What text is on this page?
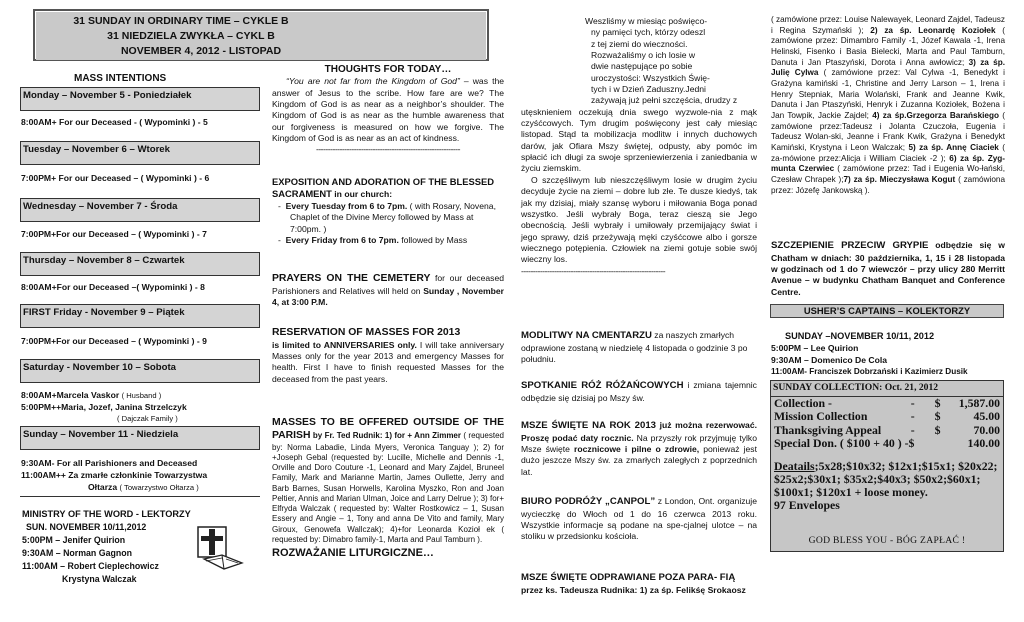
31 SUNDAY IN ORDINARY TIME – CYKLE B
31 NIEDZIELA ZWYKŁA – CYKL B
NOVEMBER 4, 2012 - LISTOPAD
MASS INTENTIONS
Monday – November 5 - Poniedziałek
8:00AM+ For our Deceased - ( Wypominki ) - 5
Tuesday – November 6 – Wtorek
7:00PM+ For our Deceased – ( Wypominki ) - 6
Wednesday – November 7 - Środa
7:00PM+For our Deceased – ( Wypominki ) - 7
Thursday – November 8 – Czwartek
8:00AM+For our Deceased –( Wypominki ) - 8
FIRST Friday - November 9 – Piątek
7:00PM+For our Deceased – ( Wypominki ) - 9
Saturday - November 10 – Sobota
8:00AM+Marcela Vaskor ( Husband )
5:00PM++Maria, Jozef, Janina Strzelczyk
( Dajczak Family )
Sunday – November 11 - Niedziela
9:30AM- For all Parishioners and Deceased
11:00AM++ Za zmarłe członkinie Towarzystwa
Ołtarza ( Towarzystwo Ołtarza )
MINISTRY OF THE WORD - LEKTORZY
SUN. NOVEMBER 10/11,2012
5:00PM – Jenifer Quirion
9:30AM – Norman Gagnon
11:00AM – Robert Cieplechowicz
Krystyna Walczak
THOUGHTS FOR TODAY…

“You are not far from the Kingdom of God” – was the answer of Jesus to the scribe. How fare are we? The Kingdom of God is as near as a neighbor’s shoulder. The Kingdom of God is as near as the humble awareness that our forgiveness is measured on how we forgive. The Kingdom of God is as near as an act of kindness.

-------------------------------------------------------------

EXPOSITION AND ADORATION OF THE BLESSED SACRAMENT in our church:

-  Every Tuesday from 6 to 7pm. ( with Rosary, Novena, Chaplet of the Divine Mercy followed by Mass at 7:00pm. )

-  Every Friday from 6 to 7pm. followed by Mass

PRAYERS ON THE CEMETERY for our deceased Parishioners and Relatives will held on Sunday , November 4, at 3:00 P.M.

RESERVATION OF MASSES FOR 2013

is limited to ANNIVERSARIES only. I will take anniversary Masses only for the year 2013 and emergency Masses for health. First I have to finish requested Masses for the deceased from the past years.

MASSES TO BE OFFERED OUTSIDE OF THE PARISH by Fr. Ted Rudnik: 1) for + Ann Zimmer ( requested by: Norma Labadie, Linda Myers, Veronica Tanguay ); 2) for +Joseph Gebal (requested by: Lucille, Michelle and Dennis -1, Orville and Doro Couture -1, Leonard and Mary Zajdel, Bruneel Family, Mark and Marianne Martin, James Oullette, Jerry and Barb Barnes, Susan Horwells, Karolina Myszko, Ron and Joan Peltier, Annis and Marian Ulman, Joice and Larry Delrue ); 3) for+ Elfryda Walczak ( requested by: Walter Rostkowicz – 1, Susan Essery and Angie – 1, Tony and anna De Vito and family, Mary Giroux, Genowefa Wallczak); 4)+for Leonarda Kozioł ek ( requested by: Dimabro family-1, Marta and Paul Tamburn ).

ROZWAŻANIE LITURGICZNE…
Weszliśmy w miesiąc poświęco-
ny pamięci tych, którzy odeszl
z tej ziemi do wieczności.
Rozważaliśmy o ich losie w
dwie następujące po sobie
uroczystości: Wszystkich Świę-
tych i w Dzień Zaduszny.Jedni
zażywają już pełni szczęścia, drudzy z

utęsknieniem oczekują dnia swego wyzwole-nia z mąk czyśćcowych. Tym drugim poświęcony jest cały miesiąc listopad. Stąd ta mobilizacja modlitw i innych duchowych darów, jak Ofiara Mszy świętej, odpusty, aby pomóc im spłacić ich długi za swoje sprzeniewierzenia i zaniedbania w życiu ziemskim.

O szczęśliwym lub nieszczęśliwym losie w drugim życiu decyduje życie na ziemi – dobre lub złe. Te dusze kiedyś, tak jak my dzisiaj, miały szansę wyboru i miłowania Boga ponad wszystko. Jeśli wybrały Boga, teraz cieszą sie Jego obecnością. Jeśli wybrały i umiłowały przemijający świat i jego sprawy, dziś przeżywają męki czyśćcowe albo i gorsze wiecznego potępienia. Człowiek na ziemi gotuje sobie swój wieczny los.

-------------------------------------------------------------

MODLITWY NA CMENTARZU za naszych zmarłych odprawione zostaną w niedzielę 4 listopada o godzinie 3 po południu.

SPOTKANIE RÓŻ RÓŻAŃCOWYCH i zmiana tajemnic odbędzie się dzisiaj po Mszy św.

MSZE ŚWIĘTE NA ROK 2013 już można rezerwować. Proszę podać daty rocznic. Na przyszły rok przyjmuję tylko Msze święte rocznicowe i pilne o zdrowie, ponieważ jest dużo jeszcze Mszy św. za zmarłych zaległych z poprzednich lat.

BIURO PODRÓŻY „CANPOL” z London, Ont. organizuje wycieczkę do Włoch od 1 do 16 czerwca 2013 roku. Wszystkie informacje są podane na spe-cjalnej ulotce – na stoliku w przedsionku kościoła.

MSZE ŚWIĘTE ODPRAWIANE POZA PARA- FIĄ
przez ks. Tadeusza Rudnika: 1) za śp. Felikśę Srokaosz

( zamówione przez: Louise Nalewayek, Leonard Zajdel, Tadeusz i Regina Szymański ); 2) za śp. Leonardę Koziołek ( zamówione przez: Dimambro Family -1, Józef Kawala -1, Irena Helinski, Fisenko i Basia Bielecki, Marta and Paul Tamburn, Danuta i Jan Ptaszyński, Dorota i Anna awłowicz; 3) za śp. Julię Cylwa ( zamówione przez: Val Cylwa -1, Benedykt i Grażyna kamiński -1, Christine and Jerry Larson – 1, Irena i Henry Stepniak, Maria Wolański, Frank and Jeanne Kwik, Danuta i Jan Ptaszyński, Henryk i Zuzanna Koziołek, Bożena i Jan Towpik, Jackie Zajdel; 4) za śp.Grzegorza Barańskiego ( zamówione przez:Tadeusz i Jolanta Czuczoła, Eugenia i Tadeusz Wolan-ski, Jeanne i Frank Kwik, Grażyna i Benedykt Kamiński, Krystyna i Leon Walczak; 5) za śp. Annę Ciaciek ( za-mówione przez:Alicja i William Ciaciek -2 ); 6) za śp. Zyg-munta Czerwiec ( zamówione przez: Tad i Eugenia Wo-łański, Czesław Chrapek );7) za śp. Mieczysława Kogut ( zamówiona przez: Józefę Jankowską ).

SZCZEPIENIE PRZECIW GRYPIE odbędzie się w Chatham w dniach: 30 października, 1, 15 i 28 listopada w godzinach od 1 do 7 wiewczór – przy ulicy 280 Merritt Avenue – w budynku Chatham Banquet and Conference Centre.

USHER’S CAPTAINS – KOLEKTORZY
SUNDAY –NOVEMBER 10/11, 2012
5:00PM – Lee Quirion
9:30AM – Domenico De Cola
11:00AM- Franciszek Dobrzański i Kazimierz Dusik
SUNDAY COLLECTION: Oct. 21, 2012
Collection -	-	$	1,587.00
Mission Collection	-	$	45.00
Thanksgiving Appeal	-	$	70.00
Special Don. ( $100 + 40 ) -$	140.00

Deatails;5x28;$10x32; $12x1;$15x1; $20x22; $25x2;$30x1; $35x2;$40x3; $50x2;$60x1; $100x1; $120x1 + loose money.

97 Envelopes
GOD BLESS YOU - BÓG ZAPŁAĆ !
